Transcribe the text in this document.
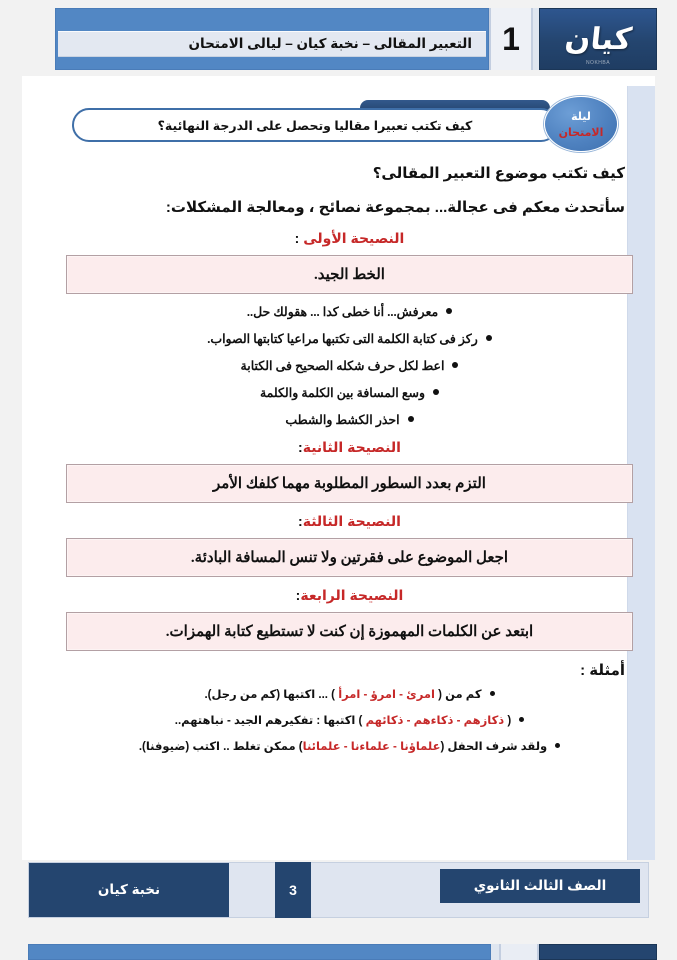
التعبير المقالى – نخبة كيان – ليالى الامتحان 1 كيان
NOKHBA
كيف تكتب تعبيرا مقاليا وتحصل على الدرجة النهائية؟
ليلة
الامتحان
كيف تكتب موضوع التعبير المقالى؟
سأتحدث معكم فى عجالة... بمجموعة نصائح ، ومعالجة المشكلات:
النصيحة الأولى :
الخط الجيد.
معرفش... أنا خطى كدا ... هقولك حل..
ركز فى كتابة الكلمة التى تكتبها مراعيا كتابتها الصواب.
اعط لكل حرف شكله الصحيح فى الكتابة
وسع المسافة بين الكلمة والكلمة
احذر الكشط والشطب
النصيحة الثانية:
التزم بعدد السطور المطلوبة مهما كلفك الأمر
النصيحة الثالثة:
اجعل الموضوع على فقرتين ولا تنس المسافة البادئة.
النصيحة الرابعة:
ابتعد عن الكلمات المهموزة إن كنت لا تستطيع كتابة الهمزات.
أمثلة :
كم من ( امرئ - امرؤ - امرأ ) ... اكتبها (كم من رجل).
( ذكازهم - ذكاءهم - ذكائهم ) اكتبها : تفكيرهم الجيد - نباهتهم..
ولقد شرف الحفل (علماؤنا - علماءنا - علمائنا) ممكن تغلط .. اكتب (ضيوفنا).
نخبة كيان	3	الصف الثالث الثانوي
